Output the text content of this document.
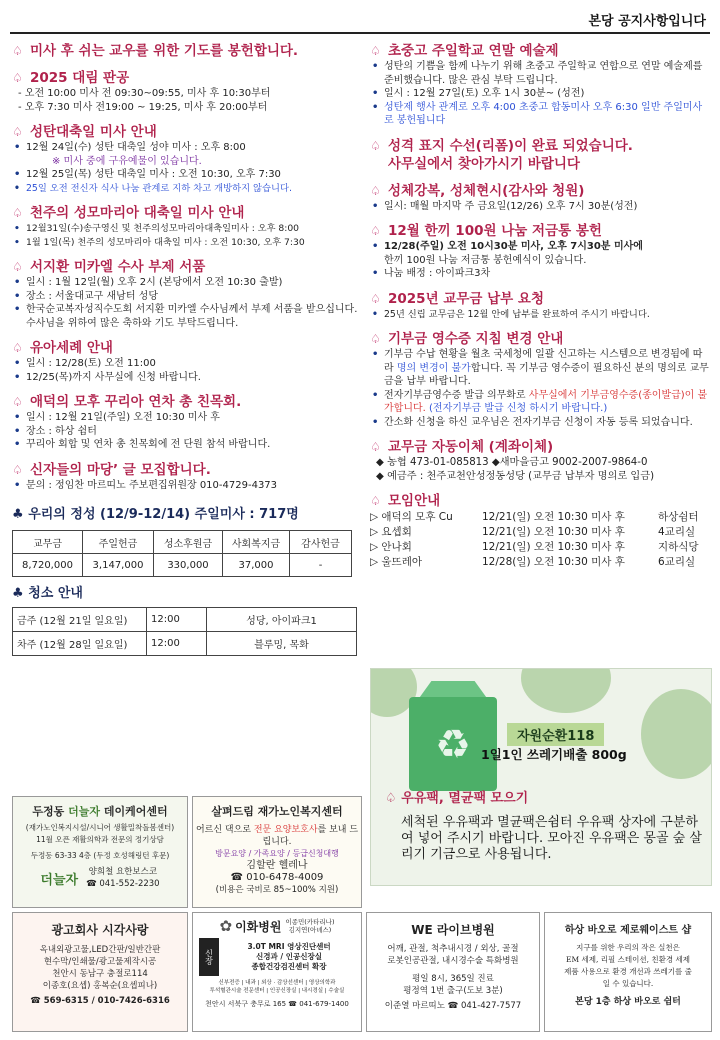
본당 공지사항입니다
♤ 미사 후 쉬는 교우를 위한 기도를 봉헌합니다.
♤ 2025 대림 판공
- 오전 10:00 미사 전 09:30~09:55, 미사 후 10:30부터
- 오후 7:30 미사 전19:00 ~ 19:25, 미사 후 20:00부터
♤ 성탄대축일 미사 안내
• 12월 24일(수) 성탄 대축일 성야 미사 : 오후 8:00
※ 미사 중에 구유예물이 있습니다.
• 12월 25일(목) 성탄 대축일 미사 : 오전 10:30, 오후 7:30
• 25일 오전 전신자 식사 나눔 관계로 지하 차고 개방하지 않습니다.
♤ 천주의 성모마리아 대축일 미사 안내
• 12월31일(수)송구영신 및 천주의성모마리아대축일미사 : 오후 8:00
• 1월 1일(목) 천주의 성모마리아 대축일 미사 : 오전 10:30, 오후 7:30
♤ 서지환 미카엘 수사 부제 서품
• 일시 : 1월 12일(월) 오후 2시 (본당에서 오전 10:30 출발)
• 장소 : 서울대교구 새남터 성당
• 한국순교복자성직수도회 서지환 미카엘 수사님께서 부제 서품을 받으십니다. 수사님을 위하여 많은 축하와 기도 부탁드립니다.
♤ 유아세례 안내
• 일시 : 12/28(토) 오전 11:00
• 12/25(목)까지 사무실에 신청 바랍니다.
♤ 애덕의 모후 꾸리아 연차 총 친목회.
• 일시 : 12월 21일(주일) 오전 10:30 미사 후
• 장소 : 하상 쉼터
• 꾸리아 회합 및 연차 총 친목회에 전 단원 참석 바랍니다.
♤ 신자들의 마당’ 글 모집합니다.
• 문의 : 정임찬 마르띠노 주보편집위원장 010-4729-4373
♣ 우리의 정성 (12/9-12/14) 주일미사 : 717명
교무금	주일헌금	성소후원금	사회복지금	감사헌금
8,720,000	3,147,000	330,000	37,000	-
♣ 청소 안내
금주 (12월 21일 일요일)	12:00	성당, 아이파크1
차주 (12월 28일 일요일)	12:00	블루밍, 목화
♤ 초중고 주일학교 연말 예술제
• 성탄의 기쁨을 함께 나누기 위해 초중고 주일학교 연합으로 연말 예술제를 준비했습니다. 많은 관심 부탁 드립니다.
• 일시 : 12월 27일(토) 오후 1시 30분~ (성전)
• 성탄제 행사 관계로 오후 4:00 초중고 합동미사 오후 6:30 일반 주일미사 로 봉헌됩니다
♤ 성격 표지 수선(리폼)이 완료 되었습니다.
사무실에서 찾아가시기 바랍니다
♤ 성체강복, 성체현시(감사와 청원)
• 일시: 매월 마지막 주 금요일(12/26) 오후 7시 30분(성전)
♤ 12월 한끼 100원 나눔 저금통 봉헌
• 12/28(주일) 오전 10시30분 미사, 오후 7시30분 미사에
한끼 100원 나눔 저금통 봉헌예식이 있습니다.
• 나눔 배정 : 아이파크3차
♤ 2025년 교무금 납부 요청
• 25년 신립 교무금은 12월 안에 납부를 완료하여 주시기 바랍니다.
♤ 기부금 영수증 지침 변경 안내
• 기부금 수납 현황을 월초 국세청에 일괄 신고하는 시스템으로 변경됨에 따라 명의 변경이 불가합니다. 꼭 기부금 영수증이 필요하신 분의 명의로 교무금을 납부 바랍니다.
• 전자기부금영수증 발급 의무화로 사무실에서 기부금영수증(종이발급)이 불가합니다. (전자기부금 발급 신청 하시기 바랍니다.)
• 간소화 신청을 하신 교우님은 전자기부금 신청이 자동 등록 되었습니다.
♤ 교무금 자동이체 (계좌이체)
◆ 농협 473-01-085813 ◆새마을금고 9002-2007-9864-0
◆ 예금주 : 천주교천안성정동성당 (교무금 납부자 명의로 입금)
♤ 모임안내
▷ 애덕의 모후 Cu	12/21(일) 오전 10:30 미사 후	하상쉼터
▷ 요셉회	12/21(일) 오전 10:30 미사 후	4교리실
▷ 안나회	12/21(일) 오전 10:30 미사 후	지하식당
▷ 울뜨레아	12/28(일) 오전 10:30 미사 후	6교리실
♻	자원순환118
1일1인 쓰레기배출 800g
♤ 우유팩, 멸균팩 모으기
세척된 우유팩과 멸균팩은쉼터 우유팩 상자에 구분하여 넣어 주시기 바랍니다. 모아진 우유팩은 몽골 숲 살리기 기금으로 사용됩니다.
두정동 더늘자 데이케어센터
(재가노인복지시설/시니어 생활밀착돌봄센터)
11월 오픈 재활의학과 전문의 정기상담
두정동 63-33 4층 (두정 호성해링턴 후문)
더늘자
양희철 요한보스코
☎ 041-552-2230
살펴드림 재가노인복지센터
어르신 댁으로 전문 요양보호사를 보내 드립니다.
방문요양 / 가족요양 / 등급신청대행
김할란 헬레나
☎ 010-6478-4009
(비용은 국비로 85~100% 지원)
광고회사 시각사랑
옥내외광고물,LED간판/일반간판
현수막/인쇄물/광고물제작시공
천안시 동남구 충절로114
이종호(요셉) 홍복순(요셉피나)
☎ 569-6315 / 010-7426-6316
✿ 이화병원 이종민(카타리나)
김지연(아녜스)
신장
3.0T MRI 영상진단센터
신경과 / 인공신장실
종합건강검진센터 확장
신부전증 | 내과 | 외상 · 감상선센터 | 영상의학과
투석혈관시술 전문센터 | 인공신장실 | 내시경실 | 수술실
천안시 서북구 충무로 165 ☎ 041-679-1400
WE 라이브병원
어깨, 관절, 척추내시경 / 외상, 골절
로봇인공관절, 내시경수술 특화병원
평일 8시, 365일 진료
평정역 1번 출구(도보 3분)
이준열 마르띠노 ☎ 041-427-7577
하상 바오로 제로웨이스트 샵
지구를 위한 우리의 작은 실천은
EM 세제, 리필 스테이션, 친환경 세제
제품 사용으로 환경 개선과 쓰레기를 줄
일 수 있습니다.
본당 1층 하상 바오로 쉼터
